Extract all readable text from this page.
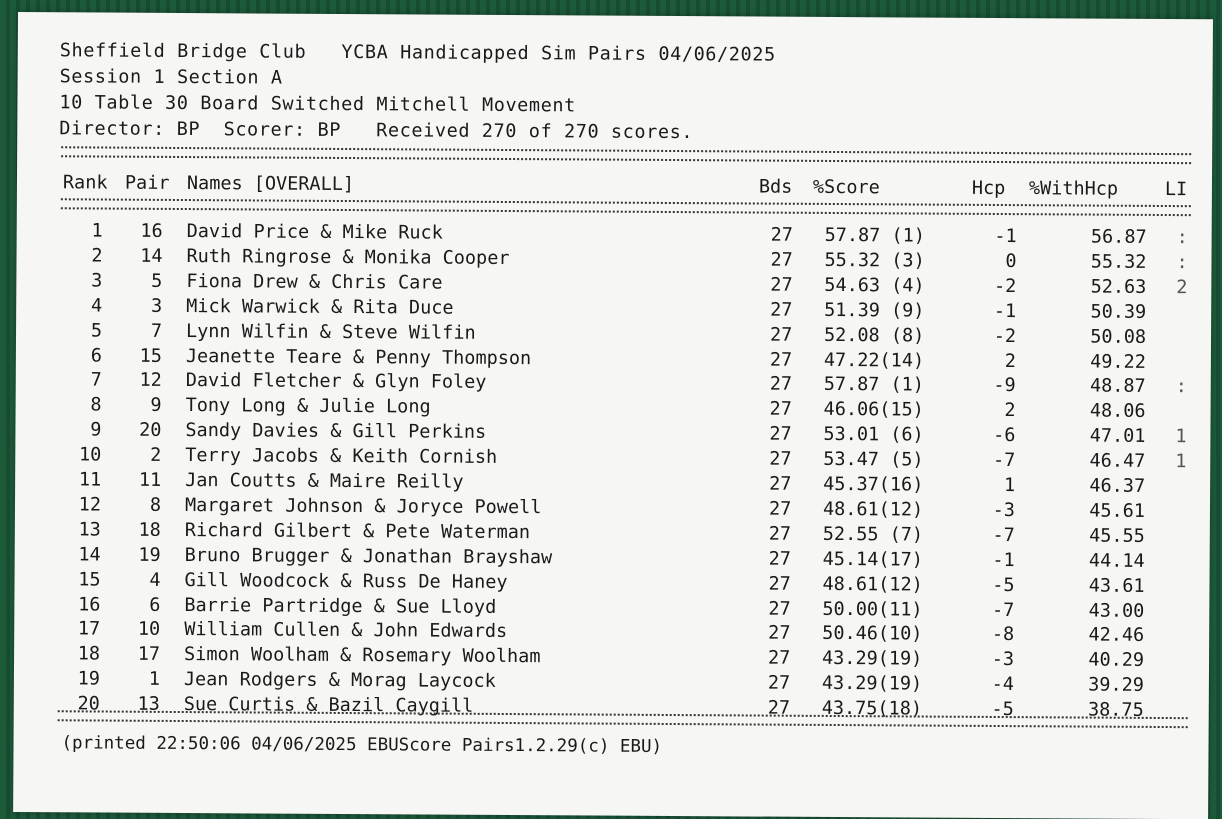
Sheffield Bridge Club   YCBA Handicapped Sim Pairs 04/06/2025
Session 1 Section A
10 Table 30 Board Switched Mitchell Movement
Director: BP  Scorer: BP   Received 270 of 270 scores.
Rank Pair Names [OVERALL]	Bds %Score	Hcp %WithHcp	LI
1	16 David Price & Mike Ruck	27 57.87 (1)	-1	56.87 :
2	14 Ruth Ringrose & Monika Cooper	27 55.32 (3)	0	55.32 :
3	5 Fiona Drew & Chris Care	27 54.63 (4)	-2	52.63 2
4	3 Mick Warwick & Rita Duce	27 51.39 (9)	-1	50.39
5	7 Lynn Wilfin & Steve Wilfin	27 52.08 (8)	-2	50.08
6	15 Jeanette Teare & Penny Thompson	27 47.22(14)	2	49.22
7	12 David Fletcher & Glyn Foley	27 57.87 (1)	-9	48.87 :
8	9 Tony Long & Julie Long	27 46.06(15)	2	48.06
9	20 Sandy Davies & Gill Perkins	27 53.01 (6)	-6	47.01 1
10	2 Terry Jacobs & Keith Cornish	27 53.47 (5)	-7	46.47 1
11	11 Jan Coutts & Maire Reilly	27 45.37(16)	1	46.37
12	8 Margaret Johnson & Joryce Powell	27 48.61(12)	-3	45.61
13	18 Richard Gilbert & Pete Waterman	27 52.55 (7)	-7	45.55
14	19 Bruno Brugger & Jonathan Brayshaw	27 45.14(17)	-1	44.14
15	4 Gill Woodcock & Russ De Haney	27 48.61(12)	-5	43.61
16	6 Barrie Partridge & Sue Lloyd	27 50.00(11)	-7	43.00
17	10 William Cullen & John Edwards	27 50.46(10)	-8	42.46
18	17 Simon Woolham & Rosemary Woolham	27 43.29(19)	-3	40.29
19	1 Jean Rodgers & Morag Laycock	27 43.29(19)	-4	39.29
20	13 Sue Curtis & Bazil Caygill	27 43.75(18)	-5	38.75
(printed 22:50:06 04/06/2025 EBUScore Pairs1.2.29(c) EBU)
